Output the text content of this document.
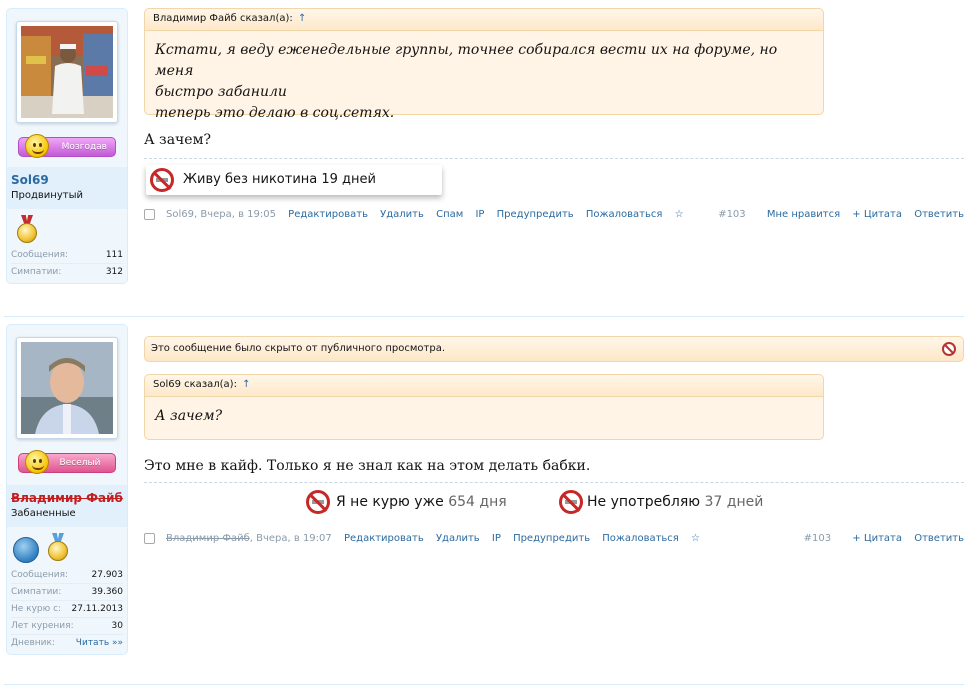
Мозгодав
Sol69
Продвинутый
Сообщения:	111
Симпатии:	312
Владимир Файб сказал(а): ↑
Кстати, я веду еженедельные группы, точнее собирался вести их на форуме, но меня
быстро забанили
теперь это делаю в соц.сетях.
А зачем?
Живу без никотина 19 дней
Sol69, Вчера, в 19:05 Редактировать Удалить Спам IP Предупредить Пожаловаться ☆	#103 Мне нравится + Цитата Ответить
Веселый
Владимир Файб
Забаненные
Сообщения:	27.903
Симпатии:	39.360
Не курю с: 27.11.2013
Лет курения:	30
Дневник: Читать »»
Это сообщение было скрыто от публичного просмотра.
Sol69 сказал(а): ↑
А зачем?
Это мне в кайф. Только я не знал как на этом делать бабки.
Я не курю уже 654 дня	Не употребляю 37 дней
Владимир Файб, Вчера, в 19:07 Редактировать Удалить IP Предупредить Пожаловаться ☆	#103 + Цитата Ответить
